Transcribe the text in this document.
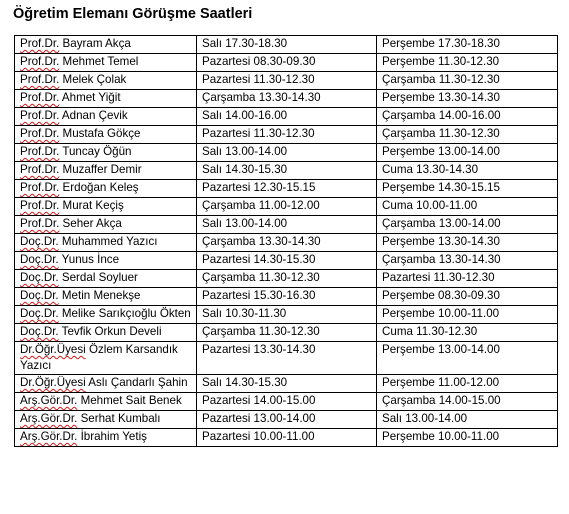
Öğretim Elemanı Görüşme Saatleri
Prof.Dr. Bayram Akça	Salı 17.30-18.30	Perşembe 17.30-18.30
Prof.Dr. Mehmet Temel	Pazartesi 08.30-09.30	Perşembe 11.30-12.30
Prof.Dr. Melek Çolak	Pazartesi 11.30-12.30	Çarşamba 11.30-12.30
Prof.Dr. Ahmet Yiğit	Çarşamba 13.30-14.30	Perşembe 13.30-14.30
Prof.Dr. Adnan Çevik	Salı 14.00-16.00	Çarşamba 14.00-16.00
Prof.Dr. Mustafa Gökçe	Pazartesi 11.30-12.30	Çarşamba 11.30-12.30
Prof.Dr. Tuncay Öğün	Salı 13.00-14.00	Perşembe 13.00-14.00
Prof.Dr. Muzaffer Demir	Salı 14.30-15.30	Cuma 13.30-14.30
Prof.Dr. Erdoğan Keleş	Pazartesi 12.30-15.15	Perşembe 14.30-15.15
Prof.Dr. Murat Keçiş	Çarşamba 11.00-12.00	Cuma 10.00-11.00
Prof.Dr. Seher Akça	Salı 13.00-14.00	Çarşamba 13.00-14.00
Doç.Dr. Muhammed Yazıcı	Çarşamba 13.30-14.30	Perşembe 13.30-14.30
Doç.Dr. Yunus İnce	Pazartesi 14.30-15.30	Çarşamba 13.30-14.30
Doç.Dr. Serdal Soyluer	Çarşamba 11.30-12.30	Pazartesi 11.30-12.30
Doç.Dr. Metin Menekşe	Pazartesi 15.30-16.30	Perşembe 08.30-09.30
Doç.Dr. Melike Sarıkçıoğlu Ökten	Salı 10.30-11.30	Perşembe 10.00-11.00
Doç.Dr. Tevfik Orkun Develi	Çarşamba 11.30-12.30	Cuma 11.30-12.30
Dr.Öğr.Üyesi Özlem Karsandık Yazıcı	Pazartesi 13.30-14.30	Perşembe 13.00-14.00
Dr.Öğr.Üyesi Aslı Çandarlı Şahin	Salı 14.30-15.30	Perşembe 11.00-12.00
Arş.Gör.Dr. Mehmet Sait Benek	Pazartesi 14.00-15.00	Çarşamba 14.00-15.00
Arş.Gör.Dr. Serhat Kumbalı	Pazartesi 13.00-14.00	Salı 13.00-14.00
Arş.Gör.Dr. İbrahim Yetiş	Pazartesi 10.00-11.00	Perşembe 10.00-11.00
